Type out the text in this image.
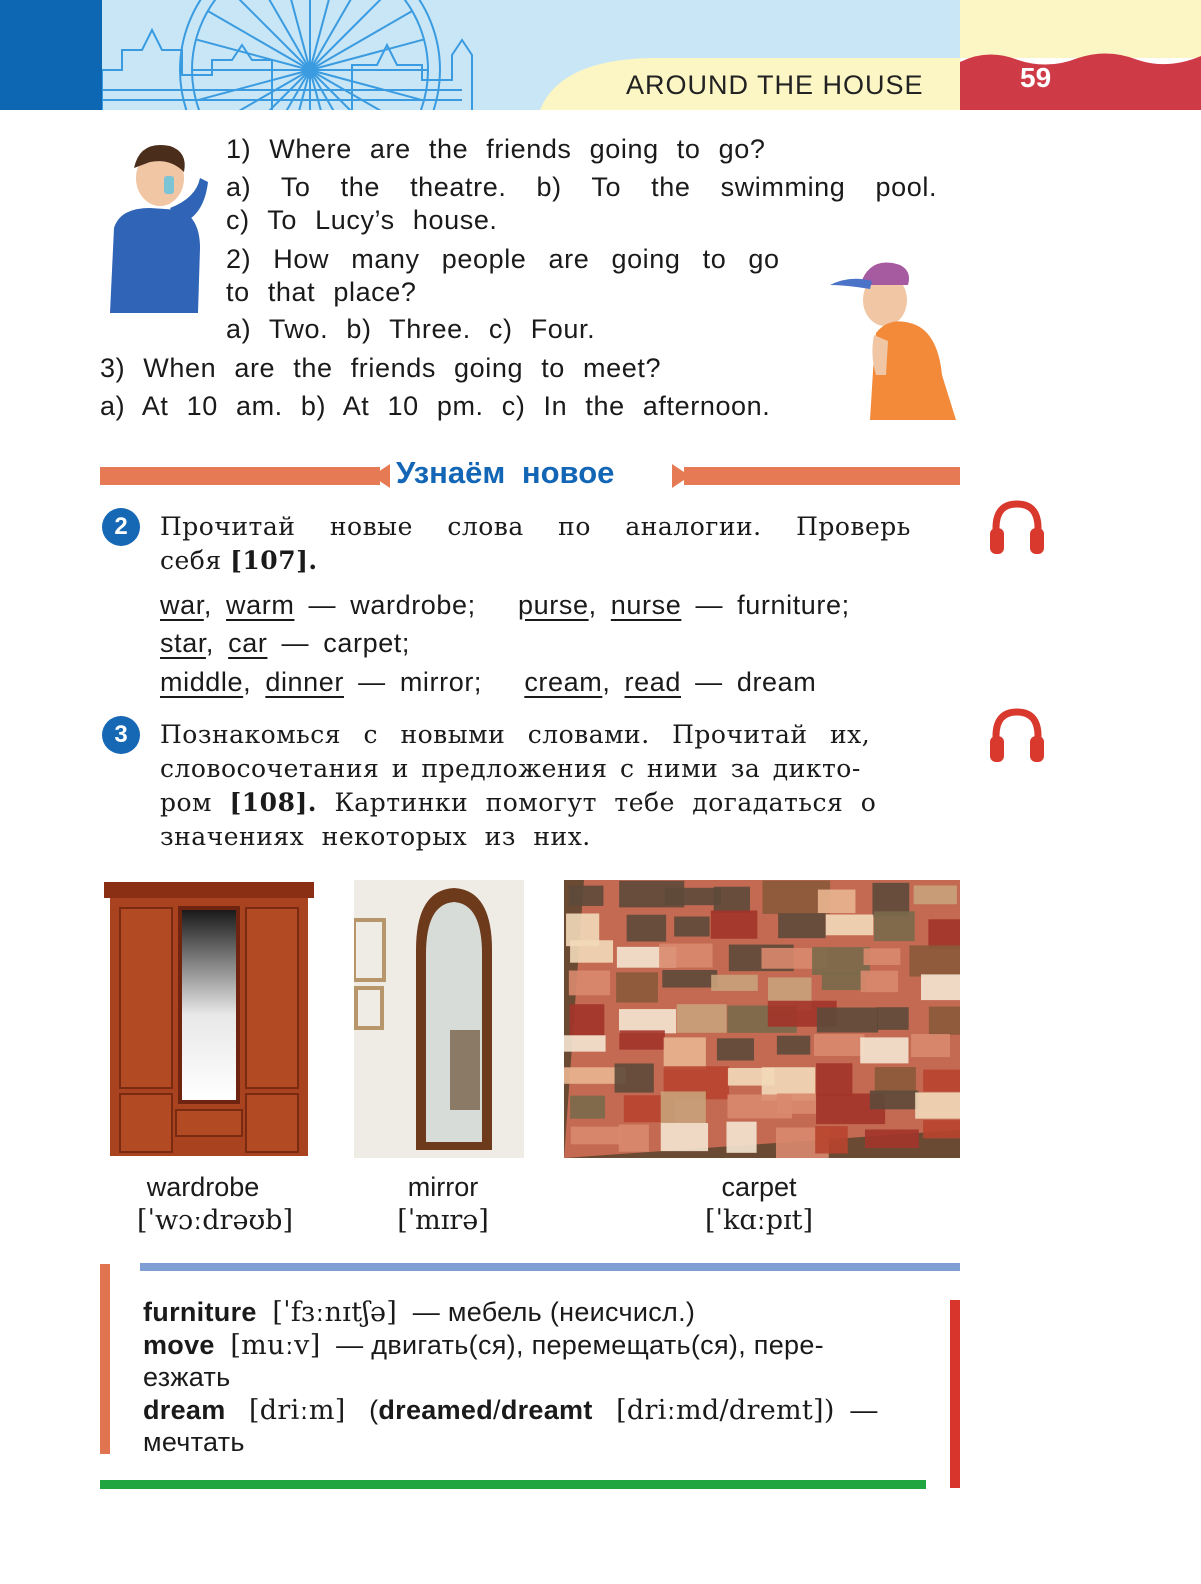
AROUND THE HOUSE	59
1) Where are the friends going to go?
a) To the theatre. b) To the swimming pool.
c) To Lucy’s house.
2) How many people are going to go
to that place?
a) Two. b) Three. c) Four.
3) When are the friends going to meet?
a) At 10 am. b) At 10 pm. c) In the afternoon.
Узнаём новое
2	Прочитай новые слова по аналогии. Проверь
себя [107].
war, warm — wardrobe; purse, nurse — furniture;
star, car — carpet;
middle, dinner — mirror; cream, read — dream
3	Познакомься с новыми словами. Прочитай их,
словосочетания и предложения с ними за дикто-
ром [108]. Картинки помогут тебе догадаться о
значениях некоторых из них.
wardrobe
[ˈwɔːdrəʊb]
mirror
[ˈmɪrə]
carpet
[ˈkɑːpɪt]
furniture [ˈfɜːnɪtʃə] — мебель (неисчисл.)
move [muːv] — двигать(ся), перемещать(ся), пере-
езжать
dream [driːm] (dreamed/dreamt [driːmd/dremt]) —
мечтать
